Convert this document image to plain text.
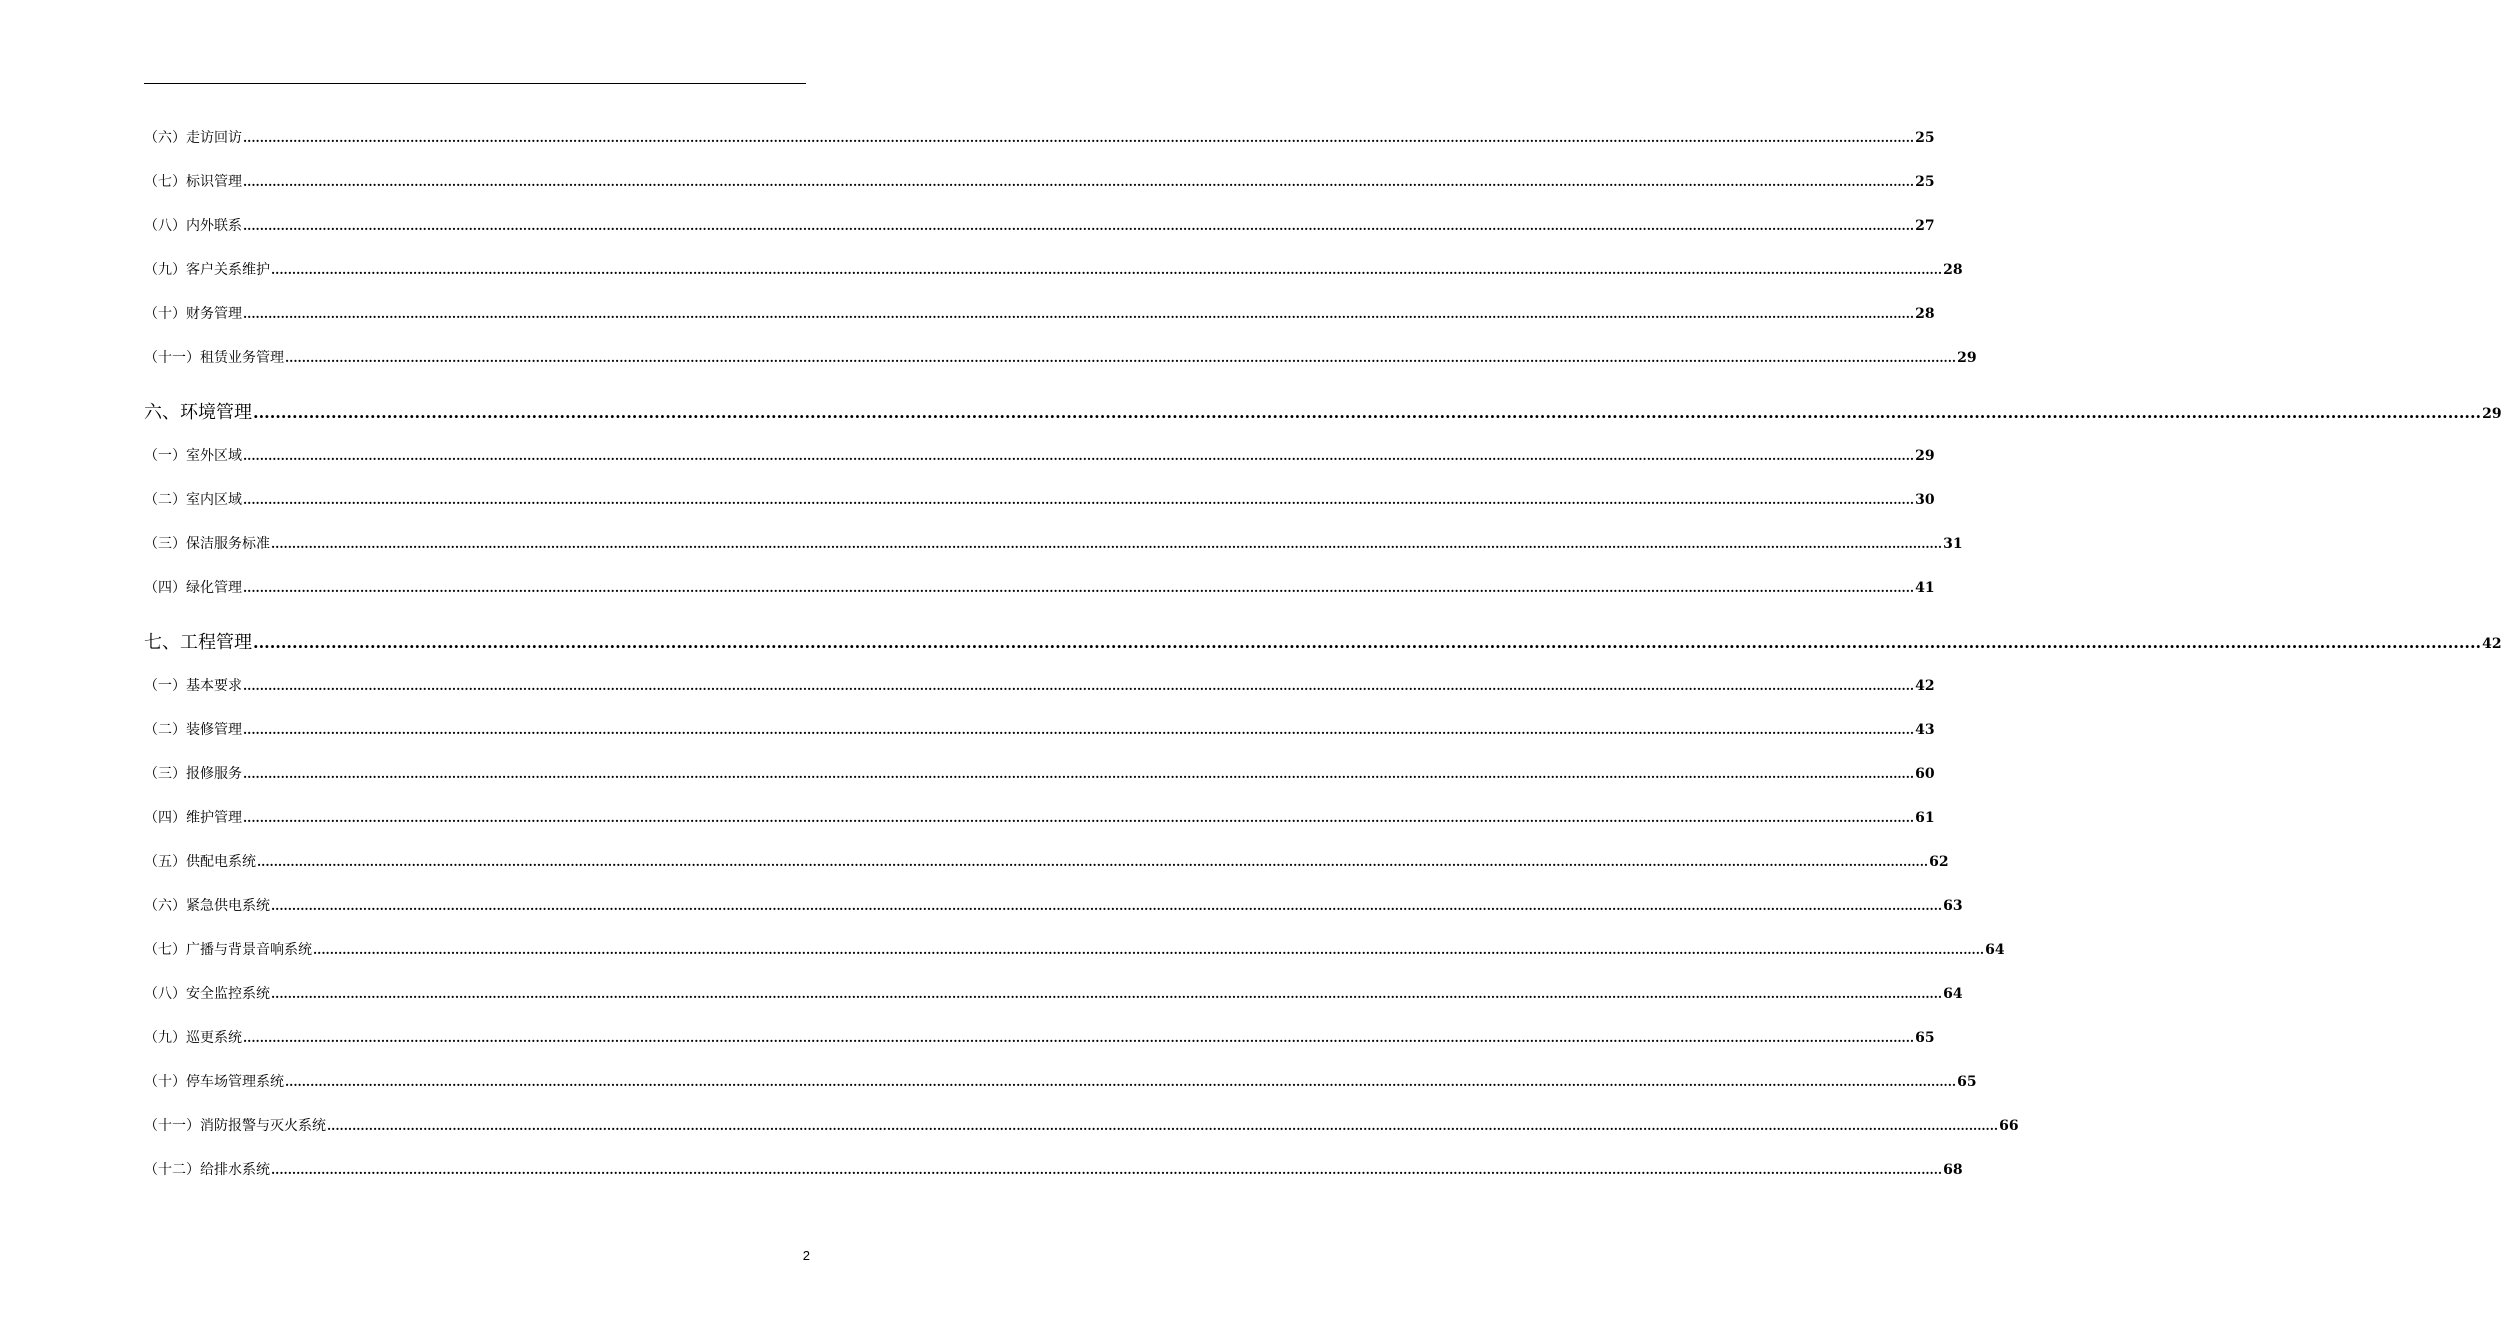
（六）走访回访 ................................................................................................................................................................................................................................................................................................................................................................................................................ 25
（七）标识管理 ................................................................................................................................................................................................................................................................................................................................................................................................................ 25
（八）内外联系 ................................................................................................................................................................................................................................................................................................................................................................................................................ 27
（九）客户关系维护 ................................................................................................................................................................................................................................................................................................................................................................................................................ 28
（十）财务管理 ................................................................................................................................................................................................................................................................................................................................................................................................................ 28
（十一）租赁业务管理 ................................................................................................................................................................................................................................................................................................................................................................................................................ 29
六、环境管理 ................................................................................................................................................................................................................................................................................................................................................................................................................ 29
（一）室外区域 ................................................................................................................................................................................................................................................................................................................................................................................................................ 29
（二）室内区域 ................................................................................................................................................................................................................................................................................................................................................................................................................ 30
（三）保洁服务标准 ................................................................................................................................................................................................................................................................................................................................................................................................................ 31
（四）绿化管理 ................................................................................................................................................................................................................................................................................................................................................................................................................ 41
七、工程管理 ................................................................................................................................................................................................................................................................................................................................................................................................................ 42
（一）基本要求 ................................................................................................................................................................................................................................................................................................................................................................................................................ 42
（二）装修管理 ................................................................................................................................................................................................................................................................................................................................................................................................................ 43
（三）报修服务 ................................................................................................................................................................................................................................................................................................................................................................................................................ 60
（四）维护管理 ................................................................................................................................................................................................................................................................................................................................................................................................................ 61
（五）供配电系统 ................................................................................................................................................................................................................................................................................................................................................................................................................ 62
（六）紧急供电系统 ................................................................................................................................................................................................................................................................................................................................................................................................................ 63
（七）广播与背景音响系统 ................................................................................................................................................................................................................................................................................................................................................................................................................ 64
（八）安全监控系统 ................................................................................................................................................................................................................................................................................................................................................................................................................ 64
（九）巡更系统 ................................................................................................................................................................................................................................................................................................................................................................................................................ 65
（十）停车场管理系统 ................................................................................................................................................................................................................................................................................................................................................................................................................ 65
（十一）消防报警与灭火系统 ................................................................................................................................................................................................................................................................................................................................................................................................................ 66
（十二）给排水系统 ................................................................................................................................................................................................................................................................................................................................................................................................................ 68
2
